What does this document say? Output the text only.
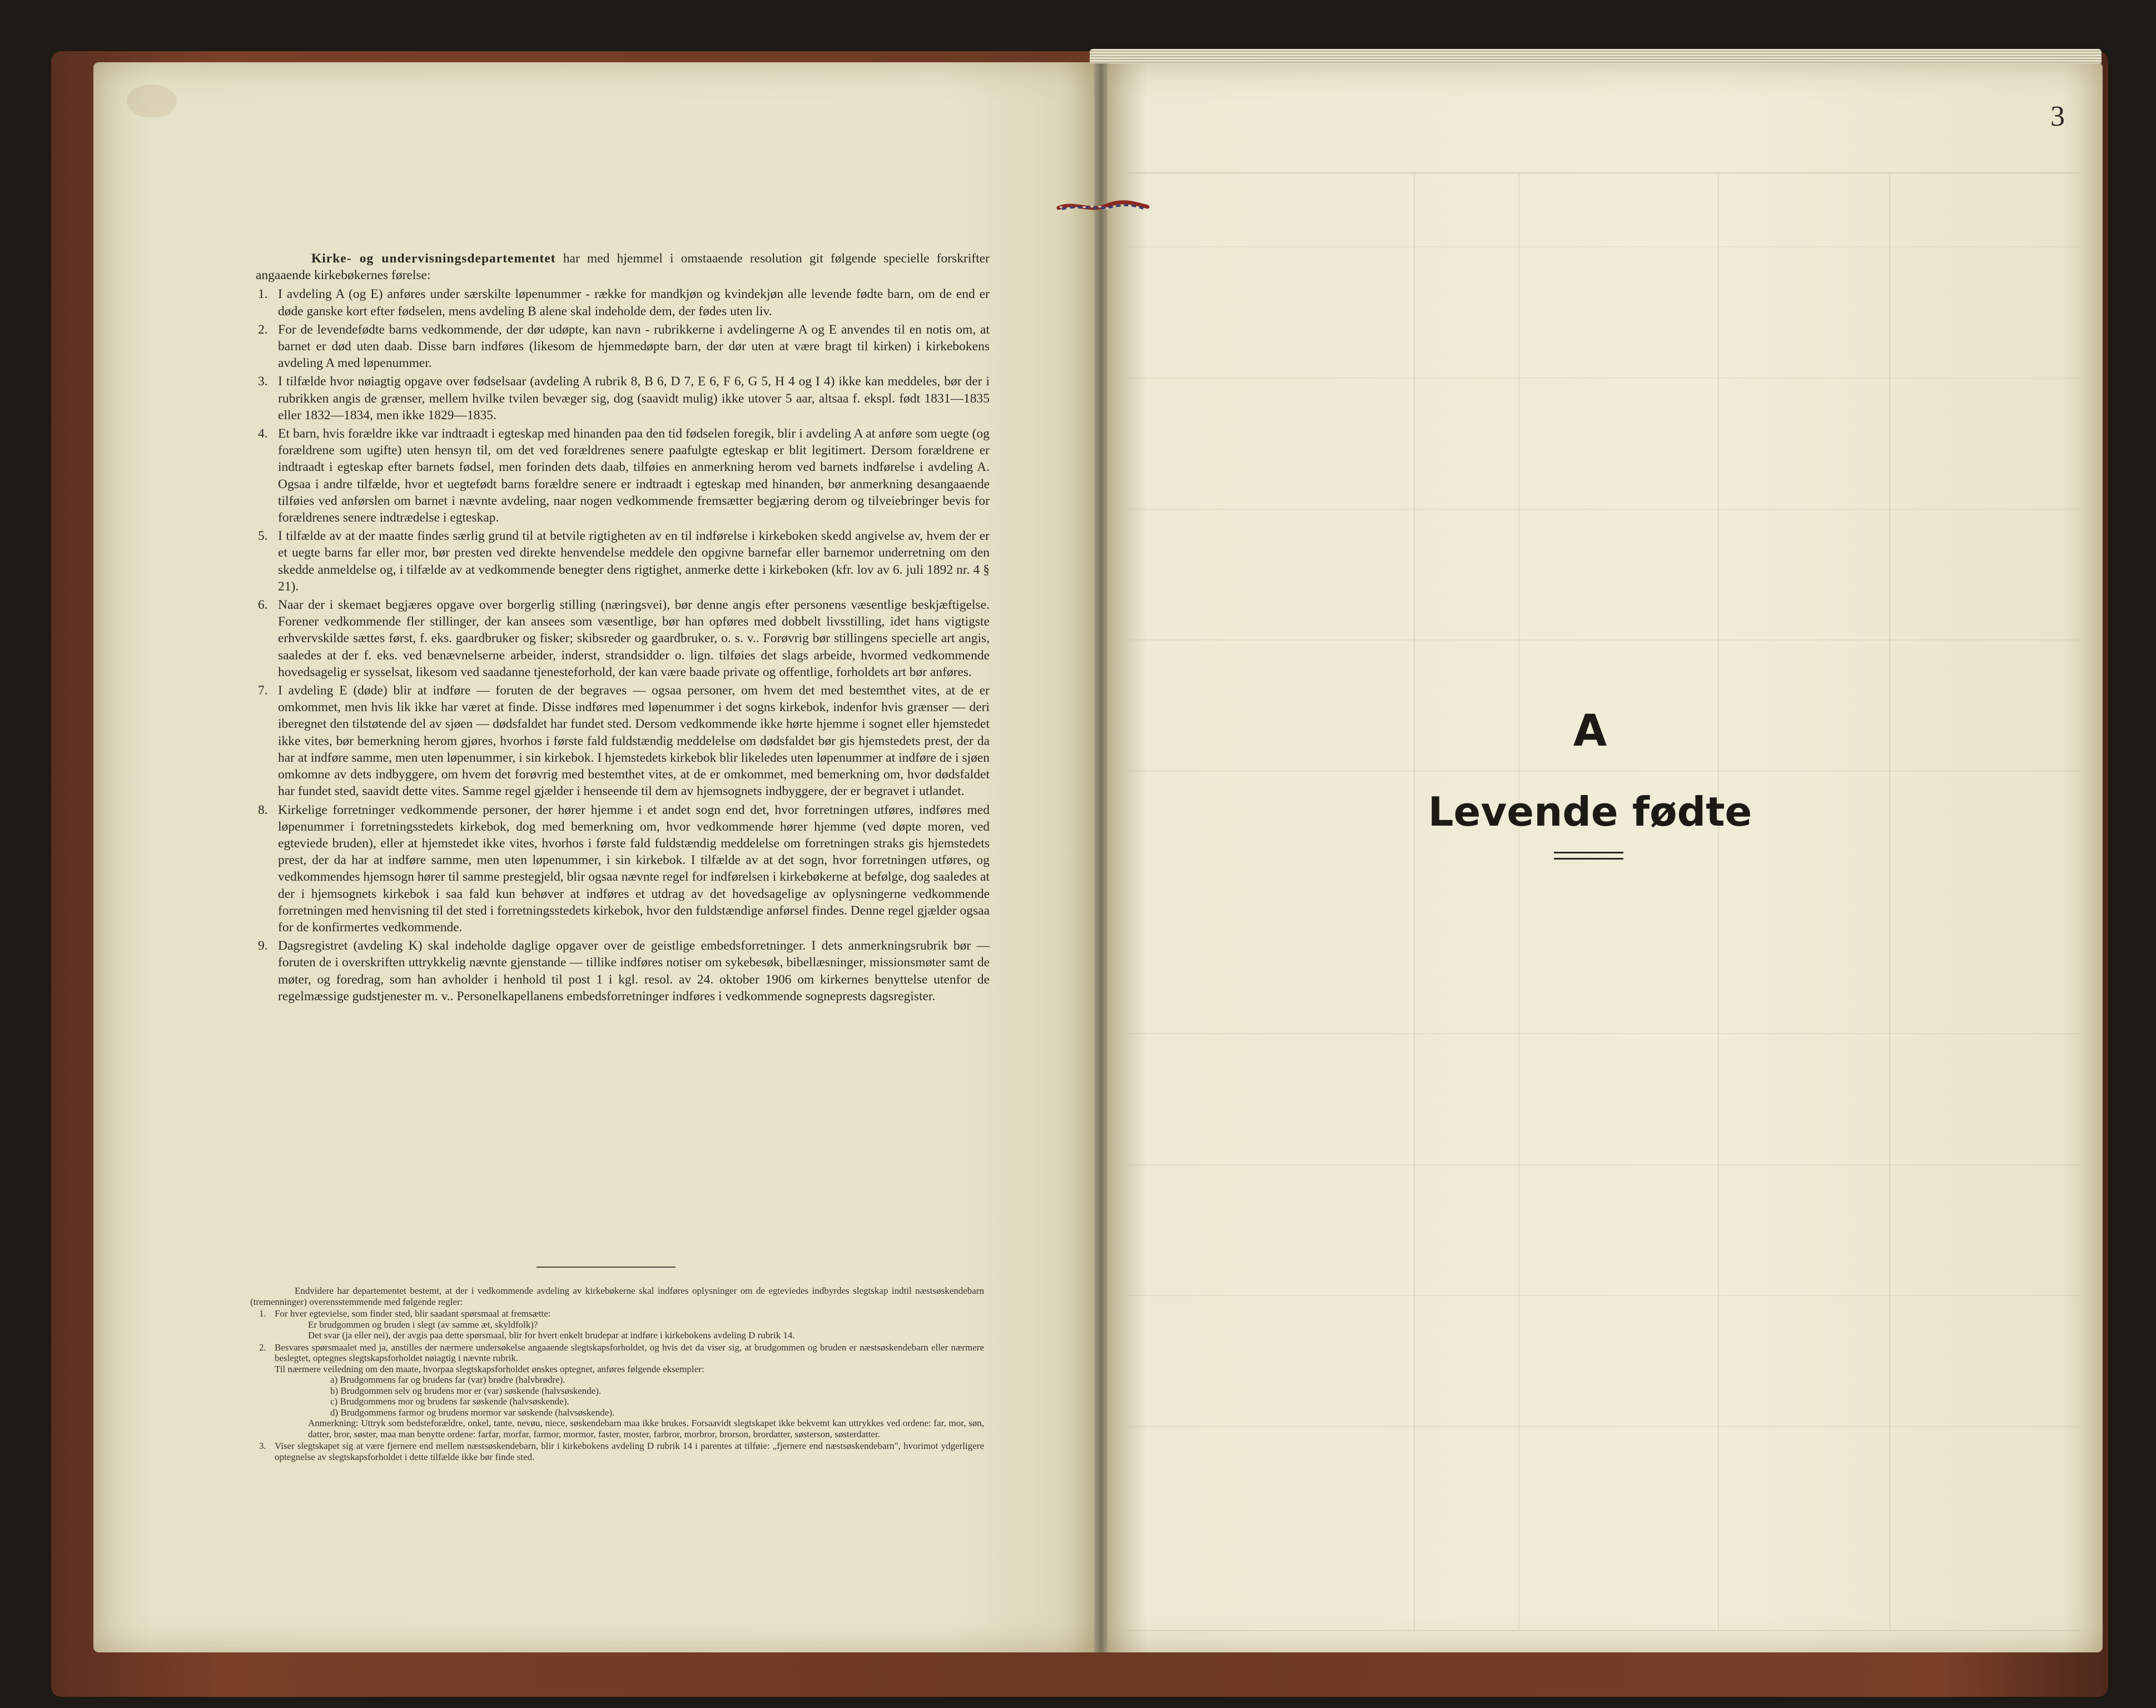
Kirke- og undervisningsdepartementet har med hjemmel i omstaaende resolution git følgende specielle forskrifter angaaende kirkebøkernes førelse:

1. I avdeling A (og E) anføres under særskilte løpenummer - række for mandkjøn og kvindekjøn alle levende fødte barn, om de end er døde ganske kort efter fødselen, mens avdeling B alene skal indeholde dem, der fødes uten liv.
2. For de levendefødte barns vedkommende, der dør udøpte, kan navn - rubrikkerne i avdelingerne A og E anvendes til en notis om, at barnet er død uten daab. Disse barn indføres (likesom de hjemmedøpte barn, der dør uten at være bragt til kirken) i kirkebokens avdeling A med løpenummer.
3. I tilfælde hvor nøiagtig opgave over fødselsaar (avdeling A rubrik 8, B 6, D 7, E 6, F 6, G 5, H 4 og I 4) ikke kan meddeles, bør der i rubrikken angis de grænser, mellem hvilke tvilen bevæger sig, dog (saavidt mulig) ikke utover 5 aar, altsaa f. ekspl. født 1831—1835 eller 1832—1834, men ikke 1829—1835.
4. Et barn, hvis forældre ikke var indtraadt i egteskap med hinanden paa den tid fødselen foregik, blir i avdeling A at anføre som uegte (og forældrene som ugifte) uten hensyn til, om det ved forældrenes senere paafulgte egteskap er blit legitimert. Dersom forældrene er indtraadt i egteskap efter barnets fødsel, men forinden dets daab, tilføies en anmerkning herom ved barnets indførelse i avdeling A. Ogsaa i andre tilfælde, hvor et uegtefødt barns forældre senere er indtraadt i egteskap med hinanden, bør anmerkning desangaaende tilføies ved anførslen om barnet i nævnte avdeling, naar nogen vedkommende fremsætter begjæring derom og tilveiebringer bevis for forældrenes senere indtrædelse i egteskap.
5. I tilfælde av at der maatte findes særlig grund til at betvile rigtigheten av en til indførelse i kirkeboken skedd angivelse av, hvem der er et uegte barns far eller mor, bør presten ved direkte henvendelse meddele den opgivne barnefar eller barnemor underretning om den skedde anmeldelse og, i tilfælde av at vedkommende benegter dens rigtighet, anmerke dette i kirkeboken (kfr. lov av 6. juli 1892 nr. 4 § 21).
6. Naar der i skemaet begjæres opgave over borgerlig stilling (næringsvei), bør denne angis efter personens væsentlige beskjæftigelse. Forener vedkommende fler stillinger, der kan ansees som væsentlige, bør han opføres med dobbelt livsstilling, idet hans vigtigste erhvervskilde sættes først, f. eks. gaardbruker og fisker; skibsreder og gaardbruker, o. s. v.. Forøvrig bør stillingens specielle art angis, saaledes at der f. eks. ved benævnelserne arbeider, inderst, strandsidder o. lign. tilføies det slags arbeide, hvormed vedkommende hovedsagelig er sysselsat, likesom ved saadanne tjenesteforhold, der kan være baade private og offentlige, forholdets art bør anføres.
7. I avdeling E (døde) blir at indføre — foruten de der begraves — ogsaa personer, om hvem det med bestemthet vites, at de er omkommet, men hvis lik ikke har været at finde. Disse indføres med løpenummer i det sogns kirkebok, indenfor hvis grænser — deri iberegnet den tilstøtende del av sjøen — dødsfaldet har fundet sted. Dersom vedkommende ikke hørte hjemme i sognet eller hjemstedet ikke vites, bør bemerkning herom gjøres, hvorhos i første fald fuldstændig meddelelse om dødsfaldet bør gis hjemstedets prest, der da har at indføre samme, men uten løpenummer, i sin kirkebok. I hjemstedets kirkebok blir likeledes uten løpenummer at indføre de i sjøen omkomne av dets indbyggere, om hvem det forøvrig med bestemthet vites, at de er omkommet, med bemerkning om, hvor dødsfaldet har fundet sted, saavidt dette vites. Samme regel gjælder i henseende til dem av hjemsognets indbyggere, der er begravet i utlandet.
8. Kirkelige forretninger vedkommende personer, der hører hjemme i et andet sogn end det, hvor forretningen utføres, indføres med løpenummer i forretningsstedets kirkebok, dog med bemerkning om, hvor vedkommende hører hjemme (ved døpte moren, ved egteviede bruden), eller at hjemstedet ikke vites, hvorhos i første fald fuldstændig meddelelse om forretningen straks gis hjemstedets prest, der da har at indføre samme, men uten løpenummer, i sin kirkebok. I tilfælde av at det sogn, hvor forretningen utføres, og vedkommendes hjemsogn hører til samme prestegjeld, blir ogsaa nævnte regel for indførelsen i kirkebøkerne at befølge, dog saaledes at der i hjemsognets kirkebok i saa fald kun behøver at indføres et utdrag av det hovedsagelige av oplysningerne vedkommende forretningen med henvisning til det sted i forretningsstedets kirkebok, hvor den fuldstændige anførsel findes. Denne regel gjælder ogsaa for de konfirmertes vedkommende.
9. Dagsregistret (avdeling K) skal indeholde daglige opgaver over de geistlige embedsforretninger. I dets anmerkningsrubrik bør — foruten de i overskriften uttrykkelig nævnte gjenstande — tillike indføres notiser om sykebesøk, bibellæsninger, missionsmøter samt de møter, og foredrag, som han avholder i henhold til post 1 i kgl. resol. av 24. oktober 1906 om kirkernes benyttelse utenfor de regelmæssige gudstjenester m. v.. Personelkapellanens embedsforretninger indføres i vedkommende sogneprests dagsregister.

Endvidere har departementet bestemt, at der i vedkommende avdeling av kirkebøkerne skal indføres oplysninger om de egteviedes indbyrdes slegtskap indtil næstsøskendebarn (tremenninger) overensstemmende med følgende regler:

1. For hver egtevielse, som finder sted, blir saadant spørsmaal at fremsætte:

Er brudgommen og bruden i slegt (av samme æt, skyldfolk)?

Det svar (ja eller nei), der avgis paa dette spørsmaal, blir for hvert enkelt brudepar at indføre i kirkebokens avdeling D rubrik 14.

2. Besvares spørsmaalet med ja, anstilles der nærmere undersøkelse angaaende slegtskapsforholdet, og hvis det da viser sig, at brudgommen og bruden er næstsøskendebarn eller nærmere beslegtet, optegnes slegtskapsforholdet nøiagtig i nævnte rubrik.

Til nærmere veiledning om den maate, hvorpaa slegtskapsforholdet ønskes optegnet, anføres følgende eksempler:

a) Brudgommens far og brudens far (var) brødre (halvbrødre).

b) Brudgommen selv og brudens mor er (var) søskende (halvsøskende).

c) Brudgommens mor og brudens far søskende (halvsøskende).

d) Brudgommens farmor og brudens mormor var søskende (halvsøskende).

Anmerkning: Uttryk som bedsteforældre, onkel, tante, nevøu, niece, søskendebarn maa ikke brukes. Forsaavidt slegtskapet ikke bekvemt kan uttrykkes ved ordene: far, mor, søn, datter, bror, søster, maa man benytte ordene: farfar, morfar, farmor, mormor, faster, moster, farbror, morbror, brorson, brordatter, søsterson, søsterdatter.

3. Viser slegtskapet sig at være fjernere end mellem næstsøskendebarn, blir i kirkebokens avdeling D rubrik 14 i parentes at tilføie: „fjernere end næstsøskendebarn", hvorimot ydgerligere optegnelse av slegtskapsforholdet i dette tilfælde ikke bør finde sted.

3
A
Levende fødte
